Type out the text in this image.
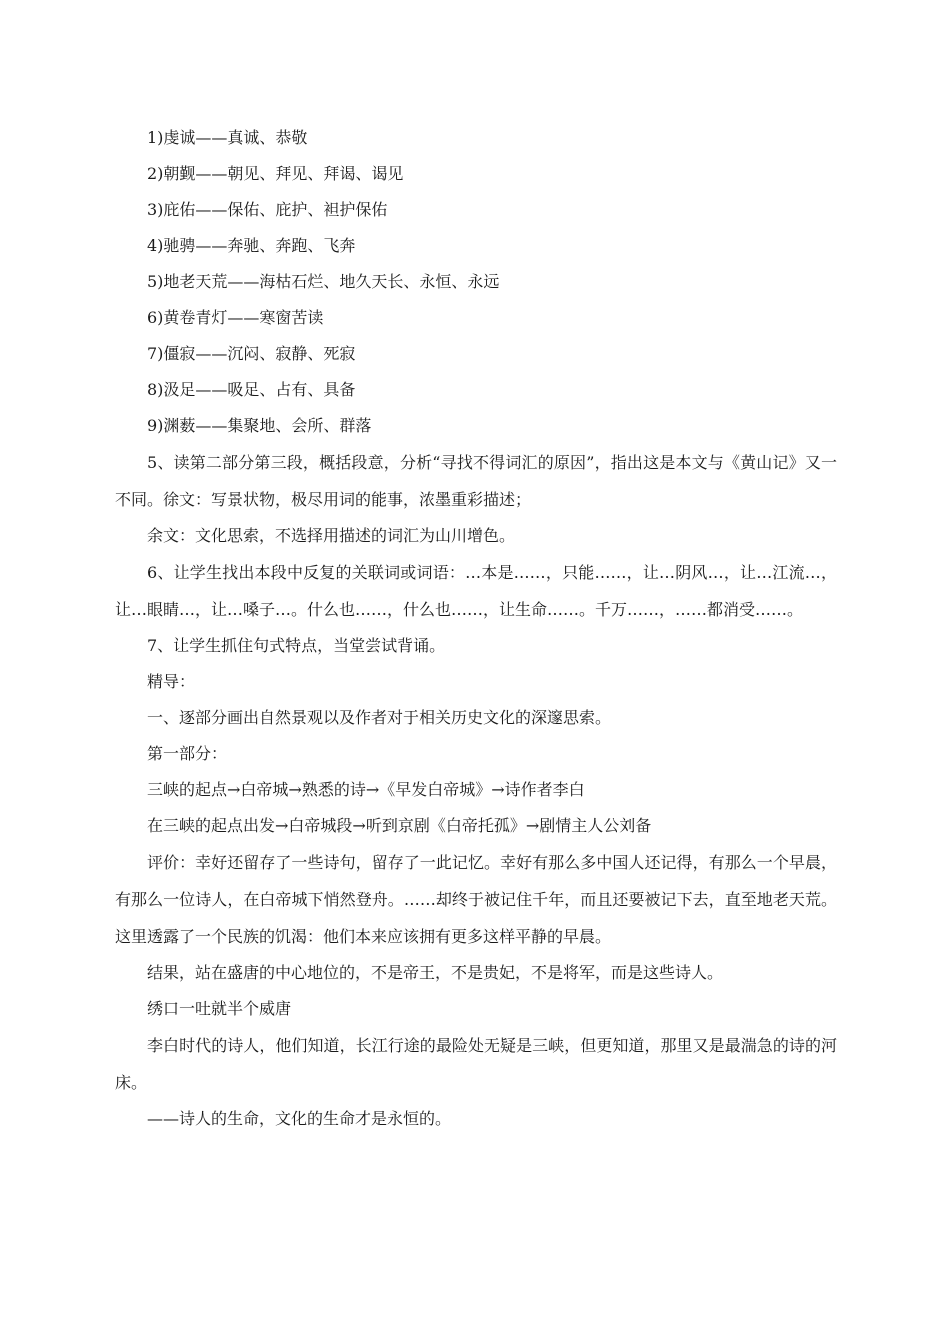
1)虔诚——真诚、恭敬

2)朝觐——朝见、拜见、拜谒、谒见

3)庇佑——保佑、庇护、袒护保佑

4)驰骋——奔驰、奔跑、飞奔

5)地老天荒——海枯石烂、地久天长、永恒、永远

6)黄卷青灯——寒窗苦读

7)僵寂——沉闷、寂静、死寂

8)汲足——吸足、占有、具备

9)渊薮——集聚地、会所、群落

5、读第二部分第三段，概括段意，分析“寻找不得词汇的原因”，指出这是本文与《黄山记》又一不同。徐文：写景状物，极尽用词的能事，浓墨重彩描述；

余文：文化思索，不选择用描述的词汇为山川增色。

6、让学生找出本段中反复的关联词或词语：…本是……，只能……，让…阴风…，让…江流…，让…眼睛…，让…嗓子…。什么也……，什么也……，让生命……。千万……，……都消受……。

7、让学生抓住句式特点，当堂尝试背诵。

精导：

一、逐部分画出自然景观以及作者对于相关历史文化的深邃思索。

第一部分：

三峡的起点→白帝城→熟悉的诗→《早发白帝城》→诗作者李白

在三峡的起点出发→白帝城段→听到京剧《白帝托孤》→剧情主人公刘备

评价：幸好还留存了一些诗句，留存了一此记忆。幸好有那么多中国人还记得，有那么一个早晨，有那么一位诗人，在白帝城下悄然登舟。……却终于被记住千年，而且还要被记下去，直至地老天荒。这里透露了一个民族的饥渴：他们本来应该拥有更多这样平静的早晨。

结果，站在盛唐的中心地位的，不是帝王，不是贵妃，不是将军，而是这些诗人。

绣口一吐就半个威唐

李白时代的诗人，他们知道，长江行途的最险处无疑是三峡，但更知道，那里又是最湍急的诗的河床。

——诗人的生命，文化的生命才是永恒的。
